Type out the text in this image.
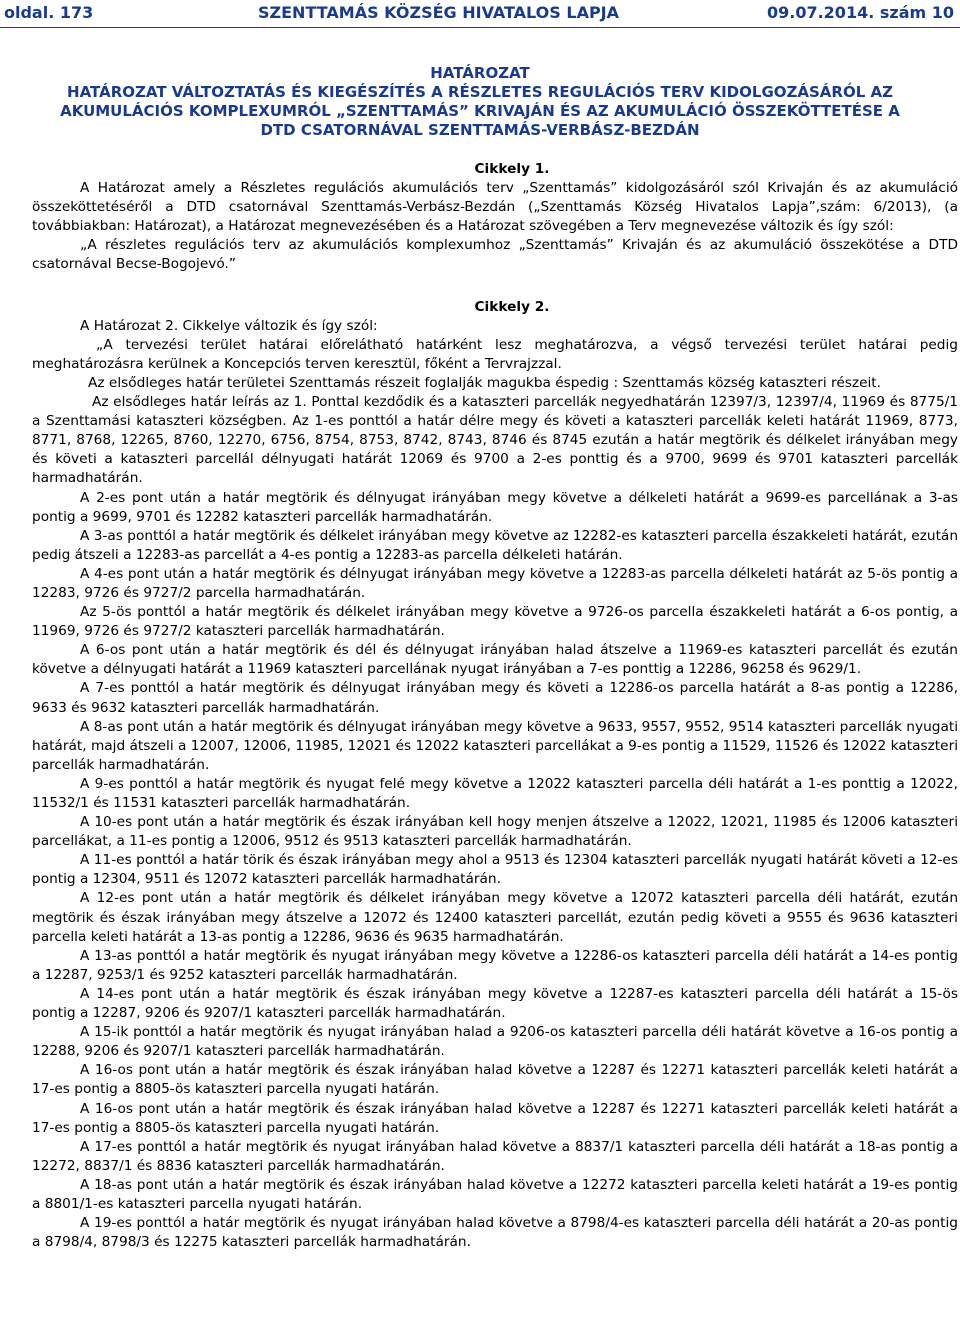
oldal. 173	SZENTTAMÁS KÖZSÉG HIVATALOS LAPJA	09.07.2014. szám 10
HATÁROZAT
HATÁROZAT VÁLTOZTATÁS ÉS KIEGÉSZÍTÉS A RÉSZLETES REGULÁCIÓS TERV KIDOLGOZÁSÁRÓL AZ
AKUMULÁCIÓS KOMPLEXUMRÓL „SZENTTAMÁS” KRIVAJÁN ÉS AZ AKUMULÁCIÓ ÖSSZEKÖTTETÉSE A
DTD CSATORNÁVAL SZENTTAMÁS-VERBÁSZ-BEZDÁN
Cikkely 1.

A Határozat amely a Részletes regulációs akumulációs terv „Szenttamás” kidolgozásáról szól Krivaján és az akumuláció összeköttetéséről a DTD csatornával Szenttamás-Verbász-Bezdán („Szenttamás Község Hivatalos Lapja”,szám: 6/2013), (a továbbiakban: Határozat), a Határozat megnevezésében és a Határozat szövegében a Terv megnevezése változik és így szól:

„A részletes regulációs terv az akumulációs komplexumhoz „Szenttamás” Krivaján és az akumuláció összekötése a DTD csatornával Becse-Bogojevó.”

Cikkely 2.

A Határozat 2. Cikkelye változik és így szól:

„A tervezési terület határai előrelátható határként lesz meghatározva, a végső tervezési terület határai pedig meghatározásra kerülnek a Koncepciós terven keresztül, főként a Tervrajzzal.

Az elsődleges határ területei Szenttamás részeit foglalják magukba éspedig : Szenttamás község kataszteri részeit.

Az elsődleges határ leírás az 1. Ponttal kezdődik és a kataszteri parcellák negyedhatárán 12397/3, 12397/4, 11969 és 8775/1 a Szenttamási kataszteri községben. Az 1-es ponttól a határ délre megy és követi a kataszteri parcellák keleti határát 11969, 8773, 8771, 8768, 12265, 8760, 12270, 6756, 8754, 8753, 8742, 8743, 8746 és 8745 ezután a határ megtörik és délkelet irányában megy és követi a kataszteri parcellál délnyugati határát 12069 és 9700 a 2-es ponttig és a 9700, 9699 és 9701 kataszteri parcellák harmadhatárán.

A 2-es pont után a határ megtörik és délnyugat irányában megy követve a délkeleti határát a 9699-es parcellának a 3-as pontig a 9699, 9701 és 12282 kataszteri parcellák harmadhatárán.

A 3-as ponttól a határ megtörik és délkelet irányában megy követve az 12282-es kataszteri parcella északkeleti határát, ezután pedig átszeli a 12283-as parcellát a 4-es pontig a 12283-as parcella délkeleti határán.

A 4-es pont után a határ megtörik és délnyugat irányában megy követve a 12283-as parcella délkeleti határát az 5-ös pontig a 12283, 9726 és 9727/2 parcella harmadhatárán.

Az 5-ös ponttól a határ megtörik és délkelet irányában megy követve a 9726-os parcella északkeleti határát a 6-os pontig, a 11969, 9726 és 9727/2 kataszteri parcellák harmadhatárán.

A 6-os pont után a határ megtörik és dél és délnyugat irányában halad átszelve a 11969-es kataszteri parcellát és ezután követve a délnyugati határát a 11969 kataszteri parcellának nyugat irányában a 7-es ponttig a 12286, 96258 és 9629/1.

A 7-es ponttól a határ megtörik és délnyugat irányában megy és követi a 12286-os parcella határát a 8-as pontig a 12286, 9633 és 9632 kataszteri parcellák harmadhatárán.

A 8-as pont után a határ megtörik és délnyugat irányában megy követve a 9633, 9557, 9552, 9514 kataszteri parcellák nyugati határát, majd átszeli a 12007, 12006, 11985, 12021 és 12022 kataszteri parcellákat a 9-es pontig a 11529, 11526 és 12022 kataszteri parcellák harmadhatárán.

A 9-es ponttól a határ megtörik és nyugat felé megy követve a 12022 kataszteri parcella déli határát a 1-es ponttig a 12022, 11532/1 és 11531 kataszteri parcellák harmadhatárán.

A 10-es pont után a határ megtörik és észak irányában kell hogy menjen átszelve a 12022, 12021, 11985 és 12006 kataszteri parcellákat, a 11-es pontig a 12006, 9512 és 9513 kataszteri parcellák harmadhatárán.

A 11-es ponttól a határ törik és észak irányában megy ahol a 9513 és 12304 kataszteri parcellák nyugati határát követi a 12-es pontig a 12304, 9511 és 12072 kataszteri parcellák harmadhatárán.

A 12-es pont után a határ megtörik és délkelet irányában megy követve a 12072 kataszteri parcella déli határát, ezután megtörik és észak irányában megy átszelve a 12072 és 12400 kataszteri parcellát, ezután pedig követi a 9555 és 9636 kataszteri parcella keleti határát a 13-as pontig a 12286, 9636 és 9635 harmadhatárán.

A 13-as ponttól a határ megtörik és nyugat irányában megy követve a 12286-os kataszteri parcella déli határát a 14-es pontig a 12287, 9253/1 és 9252 kataszteri parcellák harmadhatárán.

A 14-es pont után a határ megtörik és észak irányában megy követve a 12287-es kataszteri parcella déli határát a 15-ös pontig a 12287, 9206 és 9207/1 kataszteri parcellák harmadhatárán.

A 15-ik ponttól a határ megtörik és nyugat irányában halad a 9206-os kataszteri parcella déli határát követve a 16-os pontig a 12288, 9206 és 9207/1 kataszteri parcellák harmadhatárán.

A 16-os pont után a határ megtörik és észak irányában halad követve a 12287 és 12271 kataszteri parcellák keleti határát a 17-es pontig a 8805-ös kataszteri parcella nyugati határán.

A 16-os pont után a határ megtörik és észak irányában halad követve a 12287 és 12271 kataszteri parcellák keleti határát a 17-es pontig a 8805-ös kataszteri parcella nyugati határán.

A 17-es ponttól a határ megtörik és nyugat irányában halad követve a 8837/1 kataszteri parcella déli határát a 18-as pontig a 12272, 8837/1 és 8836 kataszteri parcellák harmadhatárán.

A 18-as pont után a határ megtörik és észak irányában halad követve a 12272 kataszteri parcella keleti határát a 19-es pontig a 8801/1-es kataszteri parcella nyugati határán.

A 19-es ponttól a határ megtörik és nyugat irányában halad követve a 8798/4-es kataszteri parcella déli határát a 20-as pontig a 8798/4, 8798/3 és 12275 kataszteri parcellák harmadhatárán.
